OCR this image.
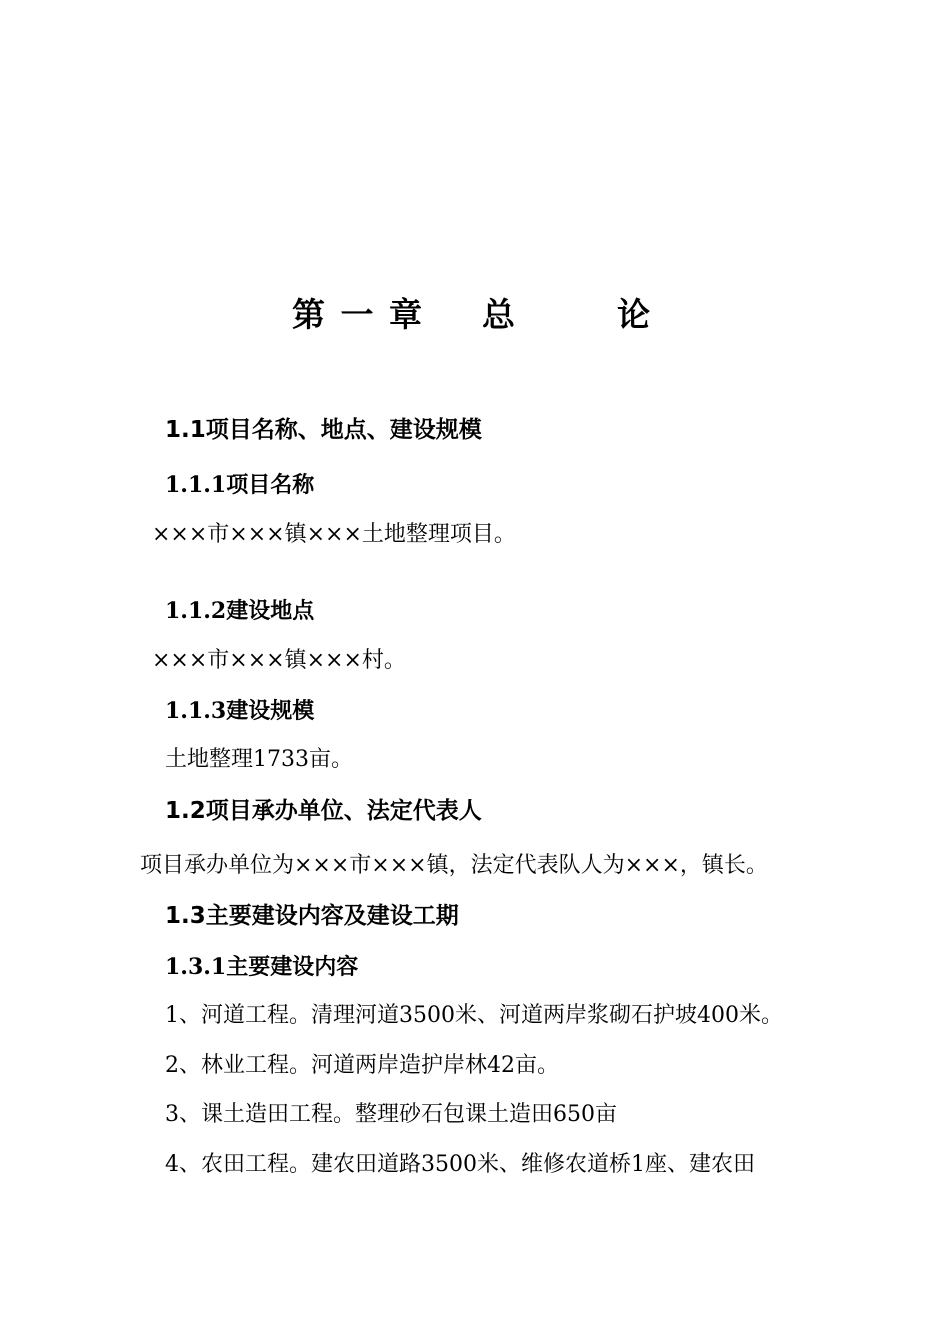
第 一 章 总	论
1.1项目名称、地点、建设规模
1.1.1项目名称
×××市×××镇×××土地整理项目。
1.1.2建设地点
×××市×××镇×××村。
1.1.3建设规模
土地整理1733亩。
1.2项目承办单位、法定代表人
项目承办单位为×××市×××镇，法定代表队人为×××，镇长。
1.3主要建设内容及建设工期
1.3.1主要建设内容
1、河道工程。清理河道3500米、河道两岸浆砌石护坡400米。
2、林业工程。河道两岸造护岸林42亩。
3、课土造田工程。整理砂石包课土造田650亩
4、农田工程。建农田道路3500米、维修农道桥1座、建农田
